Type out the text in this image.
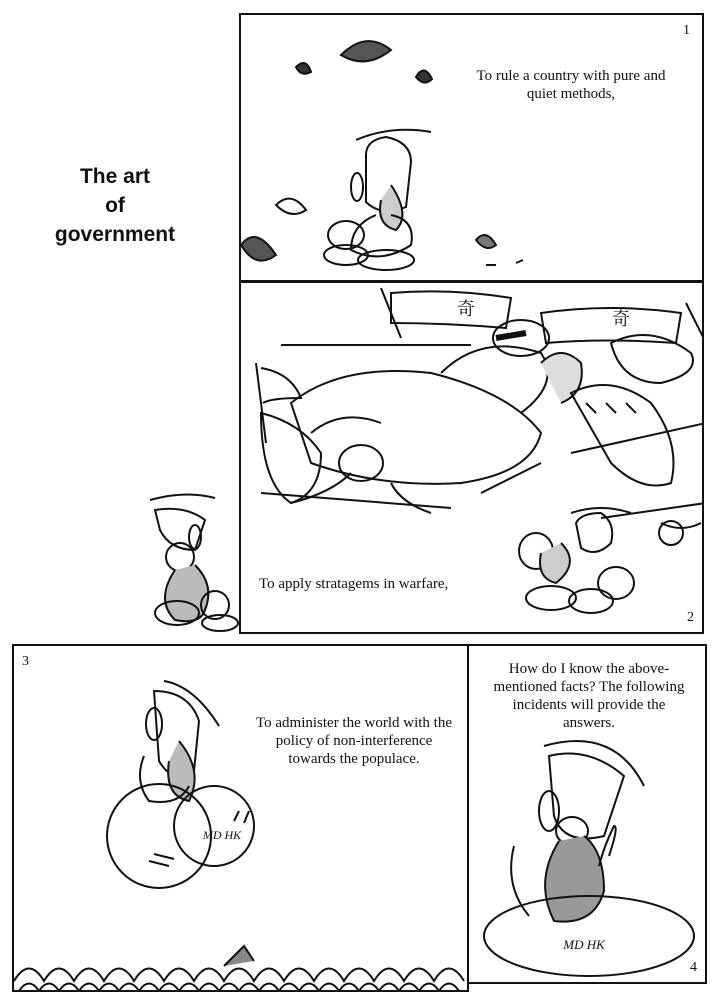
The art
of
government
1
To rule a country with pure and quiet methods,
2
To apply stratagems in warfare,
奇	奇
3
To administer the world with the policy of non-interference towards the populace.
MD HK
4
How do I know the above-mentioned facts? The following incidents will provide the answers.
MD HK
